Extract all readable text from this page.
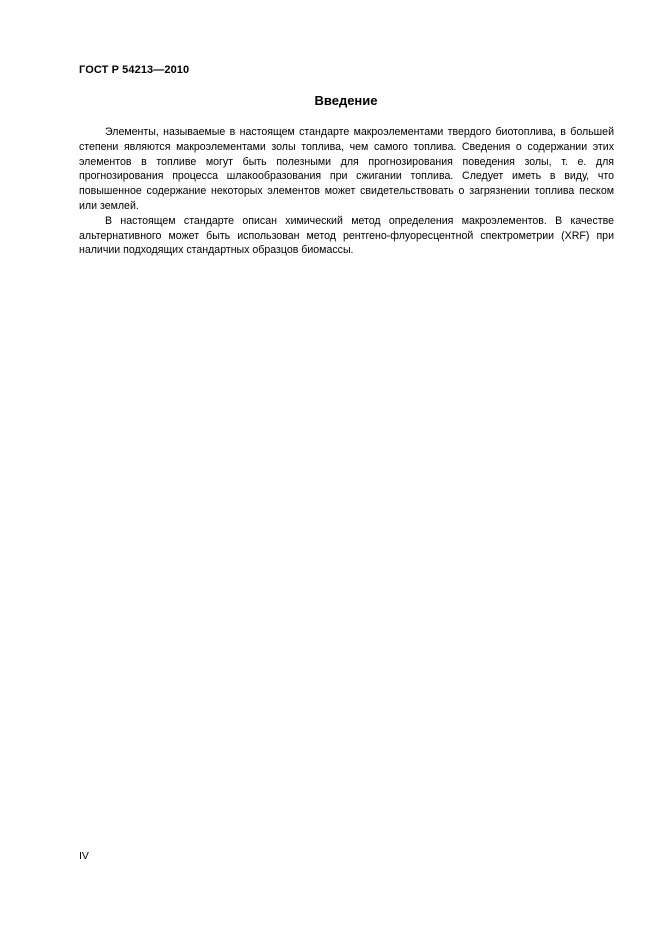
ГОСТ Р 54213—2010
Введение

Элементы, называемые в настоящем стандарте макроэлементами твердого биотоплива, в большей степени являются макроэлементами золы топлива, чем самого топлива. Сведения о содержании этих элементов в топливе могут быть полезными для прогнозирования поведения золы, т. е. для прогнозирования процесса шлакообразования при сжигании топлива. Следует иметь в виду, что повышенное содержание некоторых элементов может свидетельствовать о загрязнении топлива песком или землей.

В настоящем стандарте описан химический метод определения макроэлементов. В качестве альтернативного может быть использован метод рентгено-флуоресцентной спектрометрии (XRF) при наличии подходящих стандартных образцов биомассы.

IV
